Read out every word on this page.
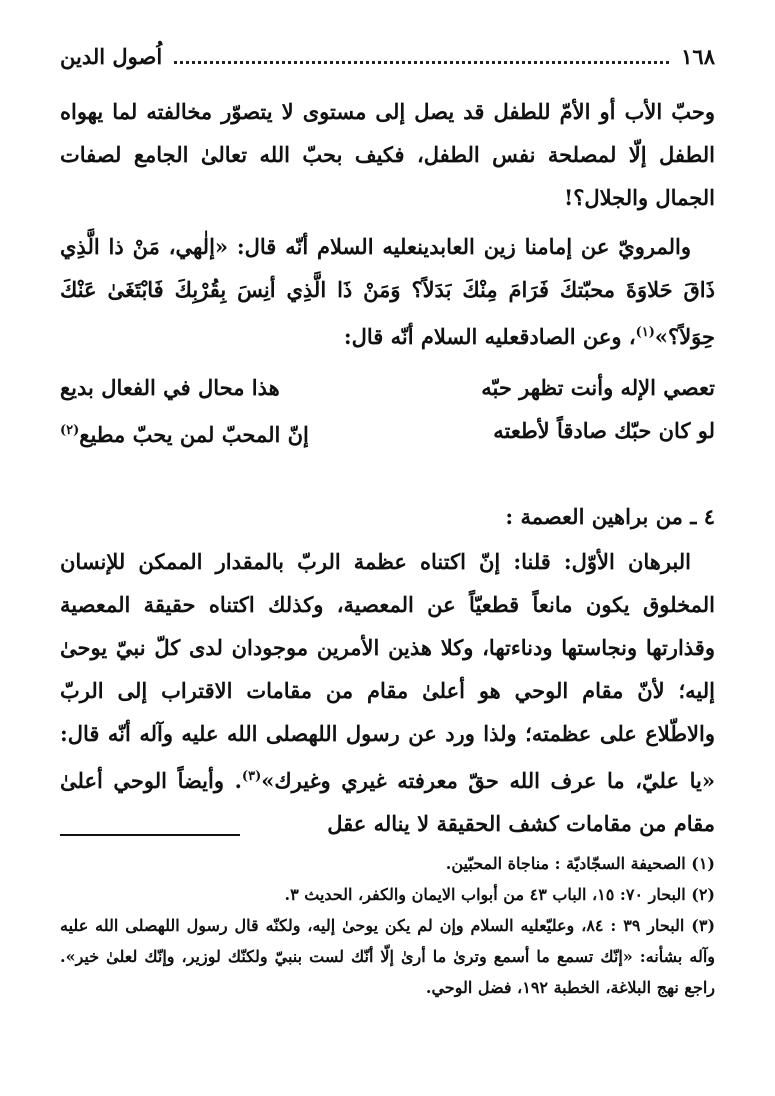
١٦٨
اُصول الدين
وحبّ الأب أو الأمّ للطفل قد يصل إلى مستوى لا يتصوّر مخالفته لما يهواه الطفل إلّا لمصلحة نفس الطفل، فكيف بحبّ الله تعالىٰ الجامع لصفات الجمال والجلال؟!
والمرويّ عن إمامنا زين العابدينعليه السلام أنّه قال: «إلٰهي، مَنْ ذا الَّذِي ذَاقَ حَلاوَةَ محبّتكَ فَرَامَ مِنْكَ بَدَلاً؟ وَمَنْ ذَا الَّذِي أنِسَ بِقُرْبِكَ فَابْتَغَىٰ عَنْكَ حِوَلاً؟»$^{(١)}$، وعن الصادقعليه السلام أنّه قال:
تعصي الإله وأنت تظهر حبّه
هذا محال في الفعال بديع
لو كان حبّك صادقاً لأطعته
إنّ المحبّ لمن يحبّ مطيع$^{(٢)}$
٤ ـ من براهين العصمة :
البرهان الأوّل: قلنا: إنّ اكتناه عظمة الربّ بالمقدار الممكن للإنسان المخلوق يكون مانعاً قطعيّاً عن المعصية، وكذلك اكتناه حقيقة المعصية وقذارتها ونجاستها ودناءتها، وكلا هذين الأمرين موجودان لدى كلّ نبيّ يوحىٰ إليه؛ لأنّ مقام الوحي هو أعلىٰ مقام من مقامات الاقتراب إلى الربّ والاطّلاع على عظمته؛ ولذا ورد عن رسول اللهصلى الله عليه وآله أنّه قال: «يا عليّ، ما عرف الله حقّ معرفته غيري وغيرك»$^{(٣)}$. وأيضاً الوحي أعلىٰ مقام من مقامات كشف الحقيقة لا يناله عقل
(١) الصحيفة السجّاديّة : مناجاة المحبّين.
(٢) البحار ٧٠: ١٥، الباب ٤٣ من أبواب الايمان والكفر، الحديث ٣.
(٣) البحار ٣٩ : ٨٤، وعليّعليه السلام وإن لم يكن يوحىٰ إليه، ولكنّه قال رسول اللهصلى الله عليه وآله بشأنه: «إنّك تسمع ما أسمع وترىٰ ما أرىٰ إلّا أنّك لست بنبيّ ولكنّك لوزير، وإنّك لعلىٰ خير». راجع نهج البلاغة، الخطبة ١٩٢، فضل الوحي.
